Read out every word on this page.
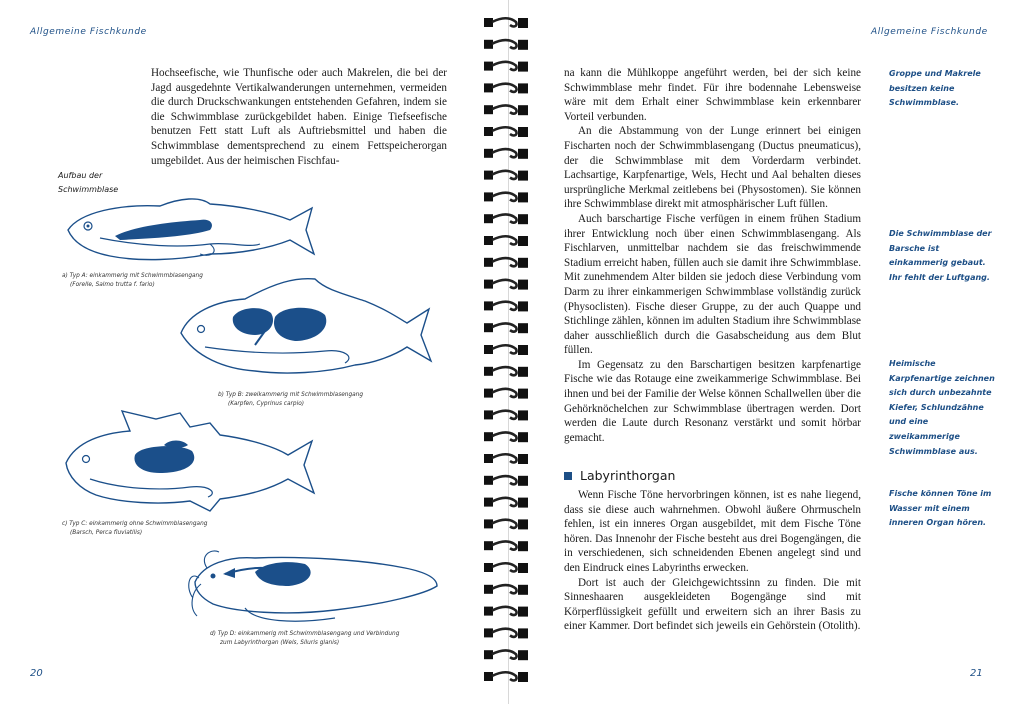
Allgemeine Fischkunde

Hochseefische, wie Thunfische oder auch Makrelen, die bei der Jagd ausgedehnte Vertikalwanderungen unternehmen, vermeiden die durch Druckschwankungen entstehenden Gefahren, indem sie die Schwimmblase zurückgebildet haben. Einige Tiefseefische benutzen Fett statt Luft als Auftriebsmittel und haben die Schwimmblase dementsprechend zu einem Fettspeicherorgan umgebildet. Aus der heimischen Fischfau-

Aufbau der Schwimmblase
a) Typ A: einkammerig mit Schwimmblasengang
(Forelle, Salmo trutta f. fario)
b) Typ B: zweikammerig mit Schwimmblasengang
(Karpfen, Cyprinus carpio)
c) Typ C: einkammerig ohne Schwimmblasengang
(Barsch, Perca fluviatilis)
d) Typ D: einkammerig mit Schwimmblasengang und Verbindung
zum Labyrinthorgan (Wels, Siluris glanis)
20
Allgemeine Fischkunde

na kann die Mühlkoppe angeführt werden, bei der sich keine Schwimmblase mehr findet. Für ihre bodennahe Lebensweise wäre mit dem Erhalt einer Schwimmblase kein erkennbarer Vorteil verbunden.

An die Abstammung von der Lunge erinnert bei einigen Fischarten noch der Schwimmblasengang (Ductus pneumaticus), der die Schwimmblase mit dem Vorderdarm verbindet. Lachsartige, Karpfenartige, Wels, Hecht und Aal behalten dieses ursprüngliche Merkmal zeitlebens bei (Physostomen). Sie können ihre Schwimmblase direkt mit atmosphärischer Luft füllen.

Auch barschartige Fische verfügen in einem frühen Stadium ihrer Entwicklung noch über einen Schwimmblasengang. Als Fischlarven, unmittelbar nachdem sie das freischwimmende Stadium erreicht haben, füllen auch sie damit ihre Schwimmblase. Mit zunehmendem Alter bilden sie jedoch diese Verbindung vom Darm zu ihrer einkammerigen Schwimmblase vollständig zurück (Physoclisten). Fische dieser Gruppe, zu der auch Quappe und Stichlinge zählen, können im adulten Stadium ihre Schwimmblase daher ausschließlich durch die Gasabscheidung aus dem Blut füllen.

Im Gegensatz zu den Barschartigen besitzen karpfenartige Fische wie das Rotauge eine zweikammerige Schwimmblase. Bei ihnen und bei der Familie der Welse können Schallwellen über die Gehörknöchelchen zur Schwimmblase übertragen werden. Dort werden die Laute durch Resonanz verstärkt und somit hörbar gemacht.

21
Labyrinthorgan

Wenn Fische Töne hervorbringen können, ist es nahe liegend, dass sie diese auch wahrnehmen. Obwohl äußere Ohrmuscheln fehlen, ist ein inneres Organ ausgebildet, mit dem Fische Töne hören. Das Innenohr der Fische besteht aus drei Bogengängen, die in verschiedenen, sich schneidenden Ebenen angelegt sind und den Eindruck eines Labyrinths erwecken.

Dort ist auch der Gleichgewichtssinn zu finden. Die mit Sinneshaaren ausgekleideten Bogengänge sind mit Körperflüssigkeit gefüllt und erweitern sich an ihrer Basis zu einer Kammer. Dort befindet sich jeweils ein Gehörstein (Otolith).

Groppe und Makrele besitzen keine Schwimmblase.
Die Schwimmblase der Barsche ist einkammerig gebaut. Ihr fehlt der Luftgang.
Heimische Karpfenartige zeichnen sich durch unbezahnte Kiefer, Schlundzähne und eine zweikammerige Schwimmblase aus.
Fische können Töne im Wasser mit einem inneren Organ hören.
